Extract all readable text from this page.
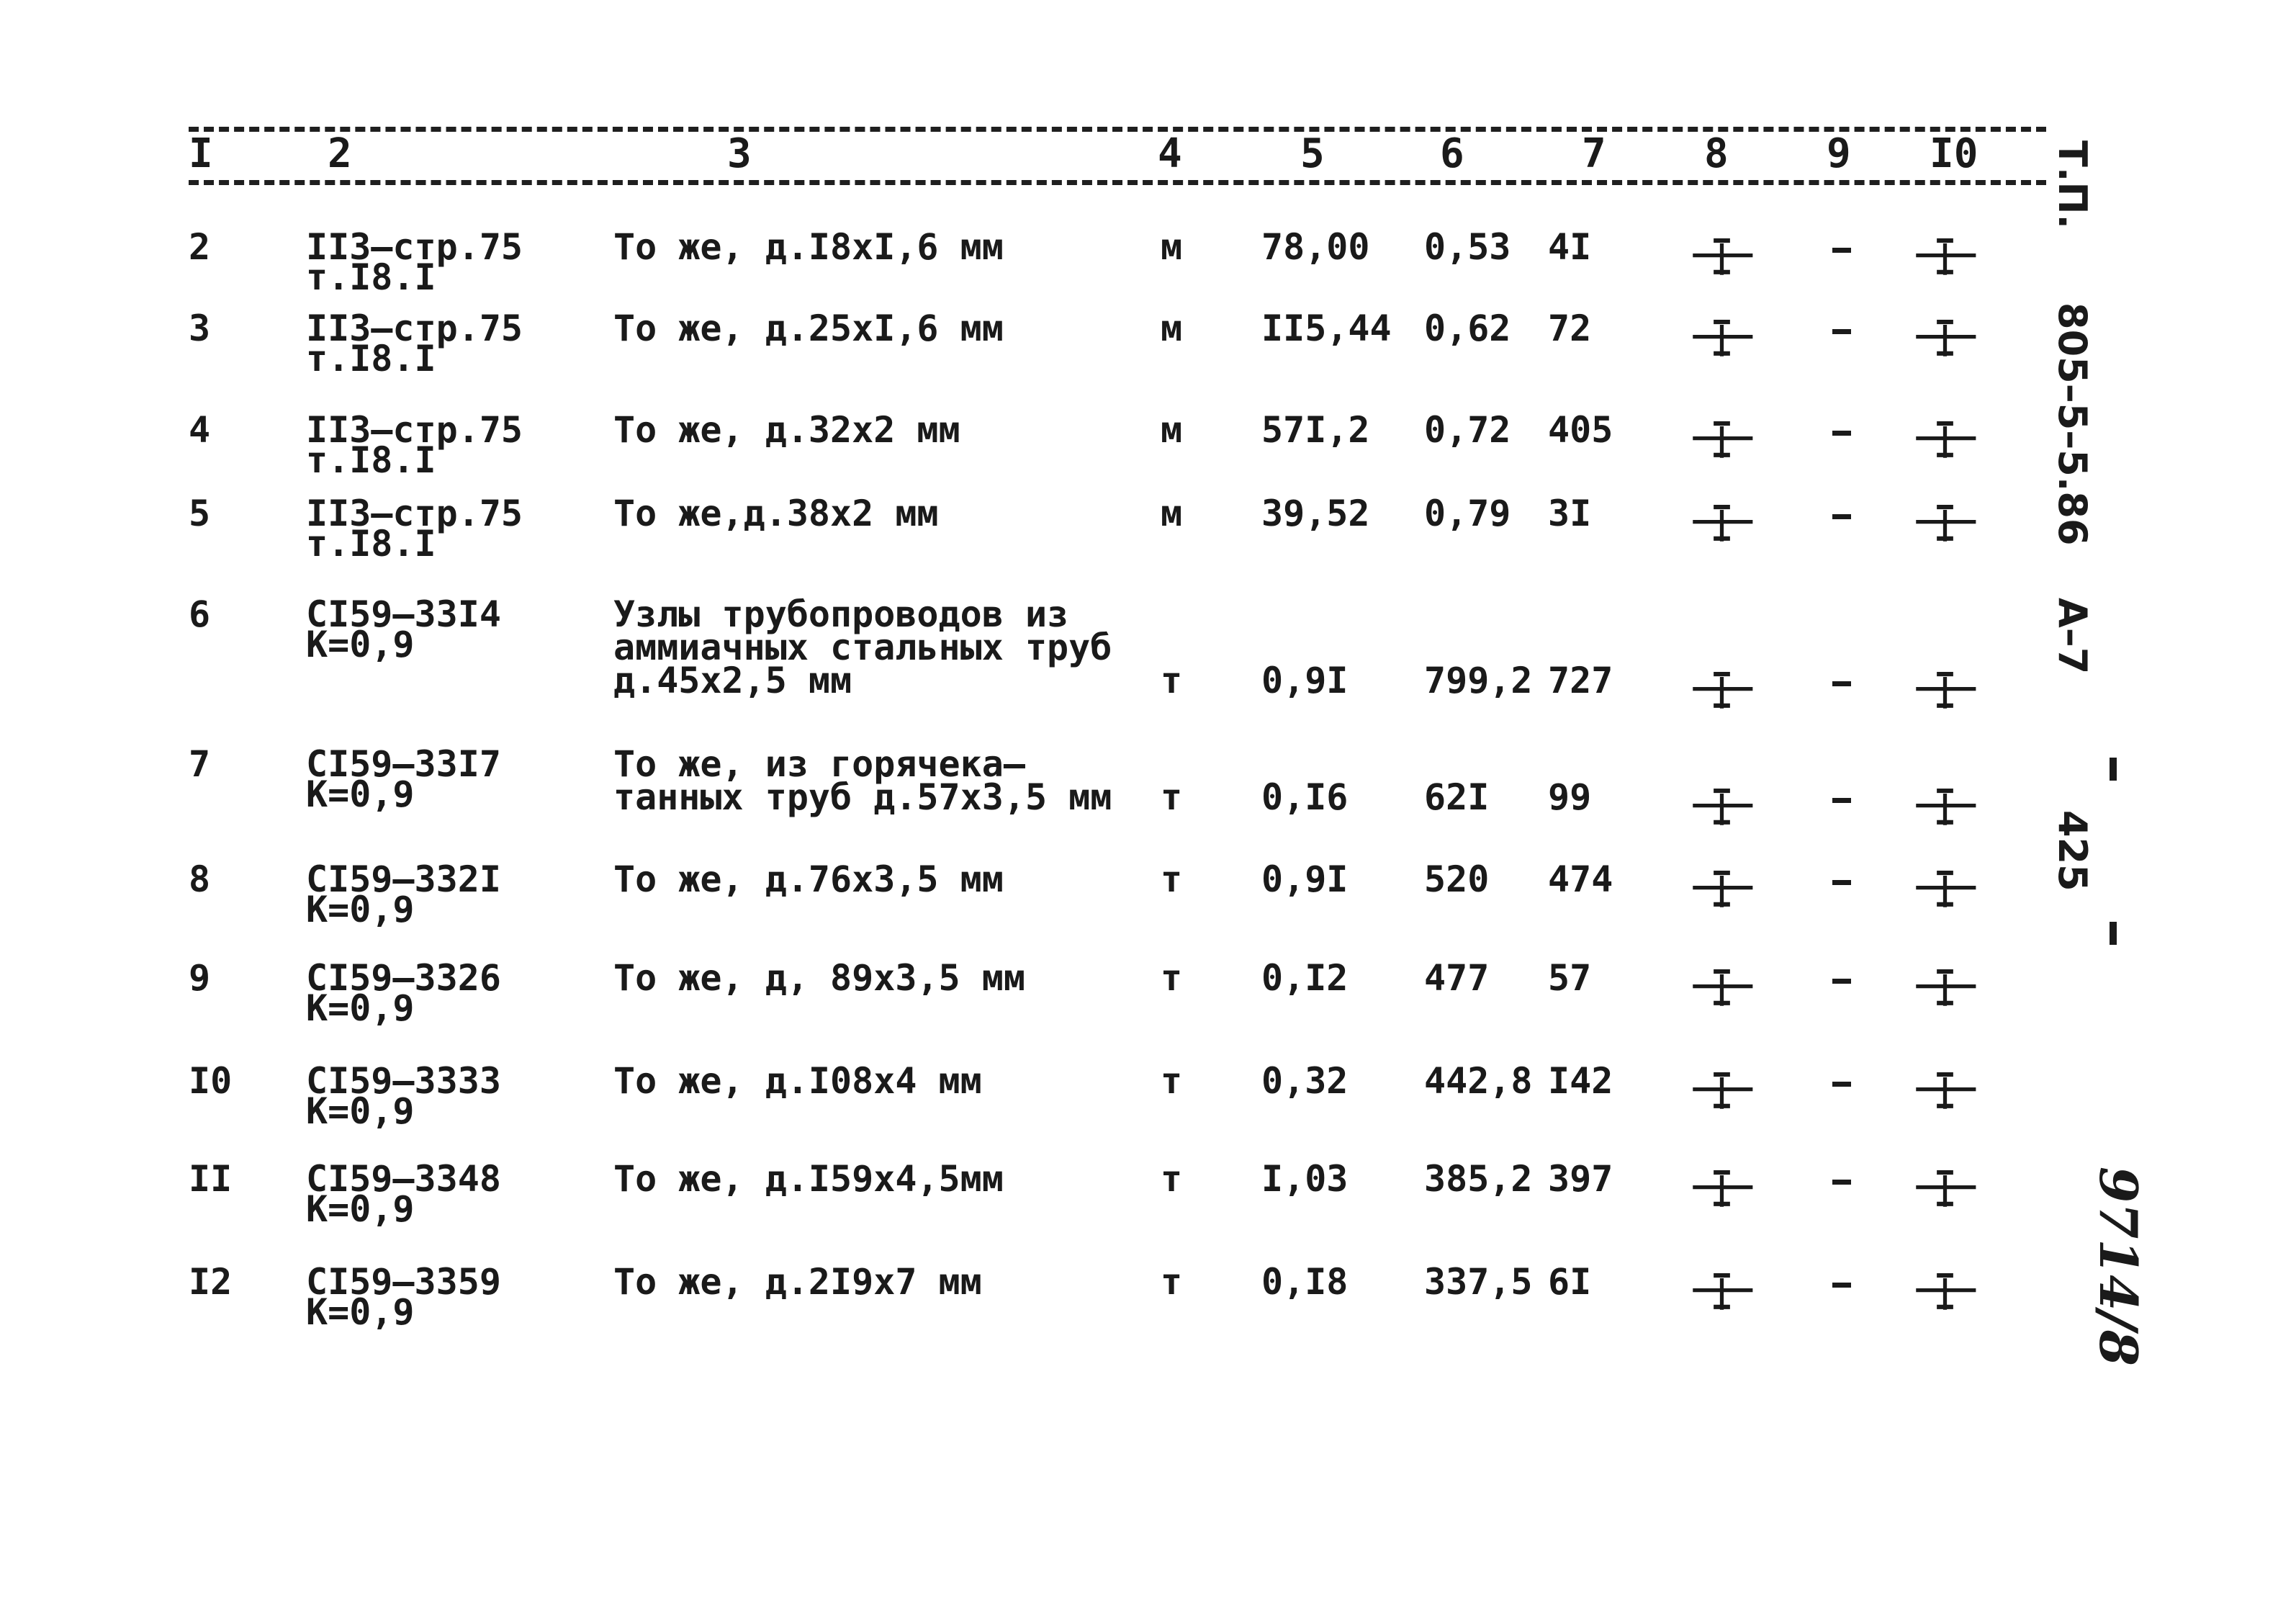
I	2	3	4	5	6	7 8 9 I0
2	II3–стр.75
т.I8.I
То же, д.I8хI,6 мм	м 78,00 0,53 4I
3	II3–стр.75
т.I8.I
То же, д.25хI,6 мм	м II5,44 0,62 72
4	II3–стр.75
т.I8.I
То же, д.32х2 мм	м 57I,2 0,72 405
5	II3–стр.75
т.I8.I
То же,д.38х2 мм	м 39,52 0,79 3I
6	СI59–33I4
К=0,9
Узлы трубопроводов из
аммиачных стальных труб
д.45х2,5 мм	т 0,9I 799,2 727
7	СI59–33I7
К=0,9
То же, из горячека–
танных труб д.57х3,5 мм т 0,I6 62I 99
8	СI59–332I
К=0,9
То же, д.76х3,5 мм	т 0,9I 520 474
9	СI59–3326
К=0,9
То же, д, 89х3,5 мм	т 0,I2 477 57
I0 СI59–3333
К=0,9
То же, д.I08х4 мм	т 0,32 442,8 I42
II СI59–3348
К=0,9
То же, д.I59х4,5мм	т I,03 385,2 397
I2 СI59–3359
К=0,9
То же, д.2I9х7 мм	т 0,I8 337,5 6I
Т.П.
805–5–5.86
А–7
425
9714/8
